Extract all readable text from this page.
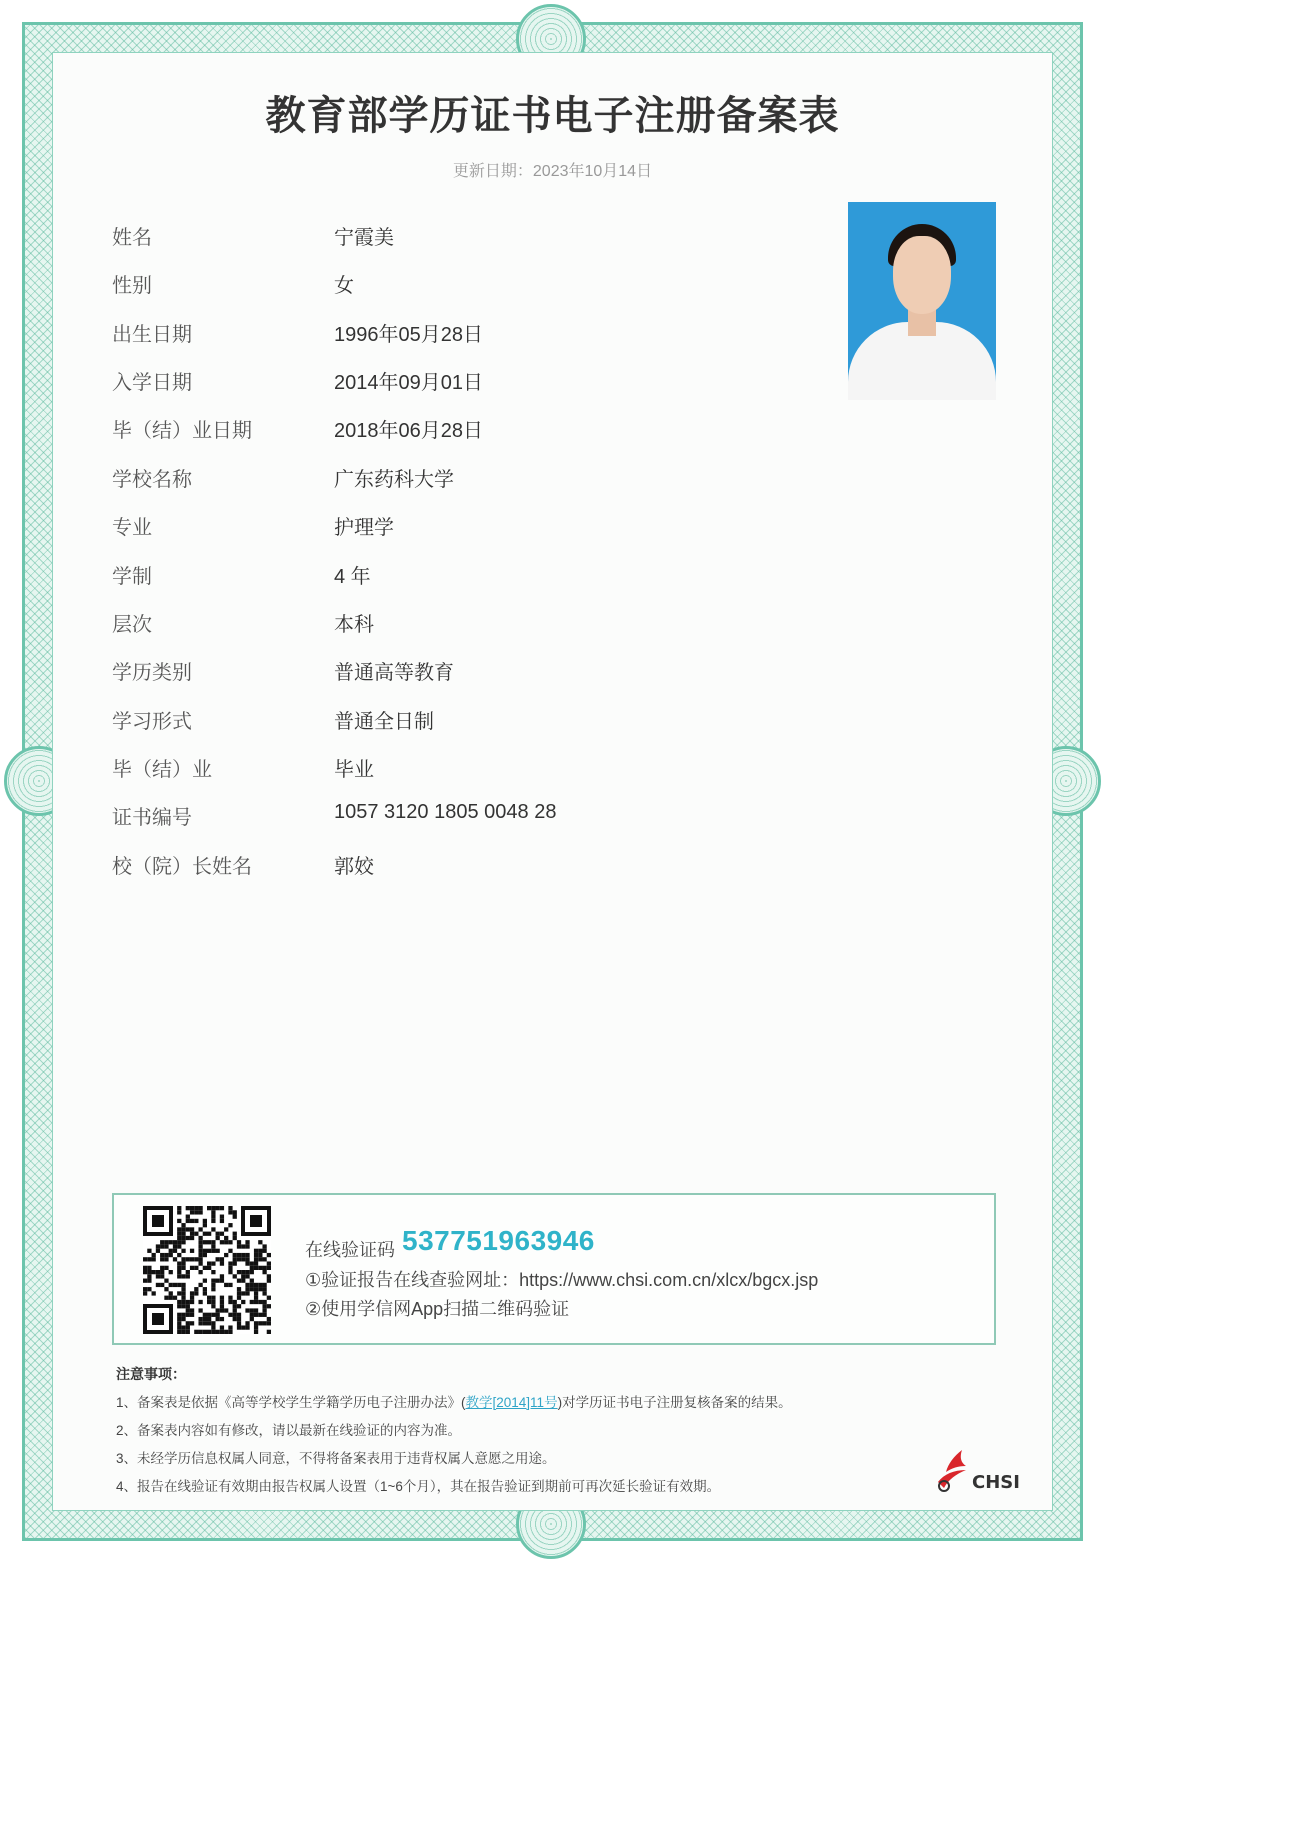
教育部学历证书电子注册备案表
更新日期：2023年10月14日
姓名	宁霞美
性别	女
出生日期	1996年05月28日
入学日期	2014年09月01日
毕（结）业日期	2018年06月28日
学校名称	广东药科大学
专业	护理学
学制	4 年
层次	本科
学历类别	普通高等教育
学习形式	普通全日制
毕（结）业	毕业
证书编号	1057 3120 1805 0048 28
校（院）长姓名	郭姣
在线验证码 537751963946
①验证报告在线查验网址：https://www.chsi.com.cn/xlcx/bgcx.jsp
②使用学信网App扫描二维码验证
注意事项：
1、备案表是依据《高等学校学生学籍学历电子注册办法》(教学[2014]11号)对学历证书电子注册复核备案的结果。
2、备案表内容如有修改，请以最新在线验证的内容为准。
3、未经学历信息权属人同意，不得将备案表用于违背权属人意愿之用途。
4、报告在线验证有效期由报告权属人设置（1~6个月），其在报告验证到期前可再次延长验证有效期。	CHSI
